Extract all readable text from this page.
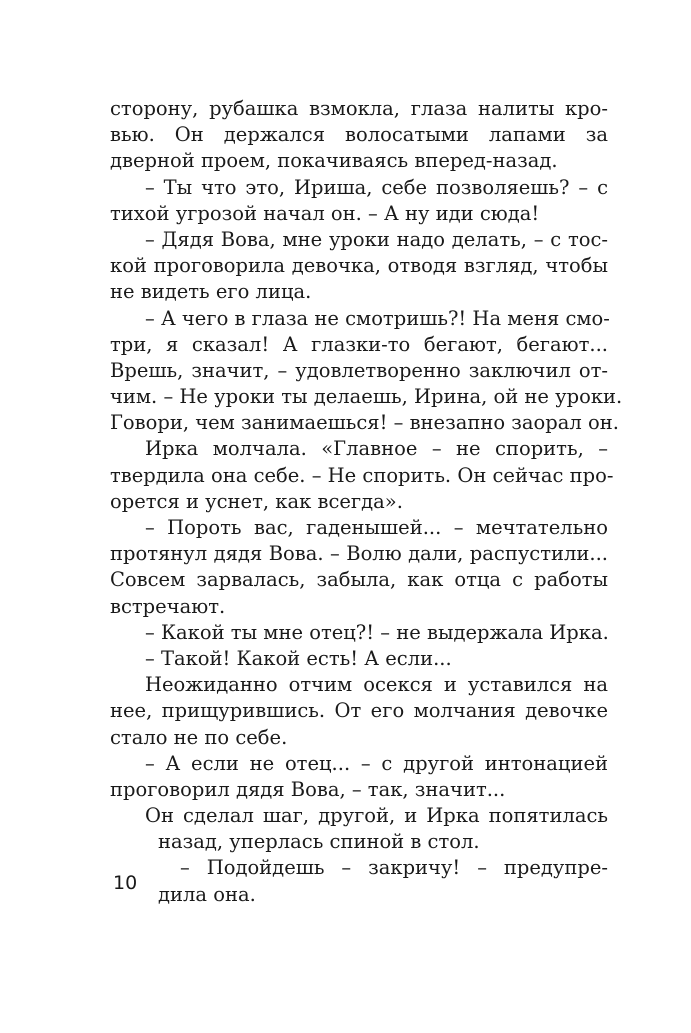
сторону, рубашка взмокла, глаза налиты кро-
вью. Он держался волосатыми лапами за
дверной проем, покачиваясь вперед-назад.
– Ты что это, Ириша, себе позволяешь? – с
тихой угрозой начал он. – А ну иди сюда!
– Дядя Вова, мне уроки надо делать, – с тос-
кой проговорила девочка, отводя взгляд, чтобы
не видеть его лица.
– А чего в глаза не смотришь?! На меня смо-
три, я сказал! А глазки-то бегают, бегают...
Врешь, значит, – удовлетворенно заключил от-
чим. – Не уроки ты делаешь, Ирина, ой не уроки.
Говори, чем занимаешься! – внезапно заорал он.
Ирка молчала. «Главное – не спорить, –
твердила она себе. – Не спорить. Он сейчас про-
орется и уснет, как всегда».
– Пороть вас, гаденышей... – мечтательно
протянул дядя Вова. – Волю дали, распустили...
Совсем зарвалась, забыла, как отца с работы
встречают.
– Какой ты мне отец?! – не выдержала Ирка.
– Такой! Какой есть! А если...
Неожиданно отчим осекся и уставился на
нее, прищурившись. От его молчания девочке
стало не по себе.
– А если не отец... – с другой интонацией
проговорил дядя Вова, – так, значит...
Он сделал шаг, другой, и Ирка попятилась
назад, уперлась спиной в стол.
– Подойдешь – закричу! – предупре-
дила она.
10
